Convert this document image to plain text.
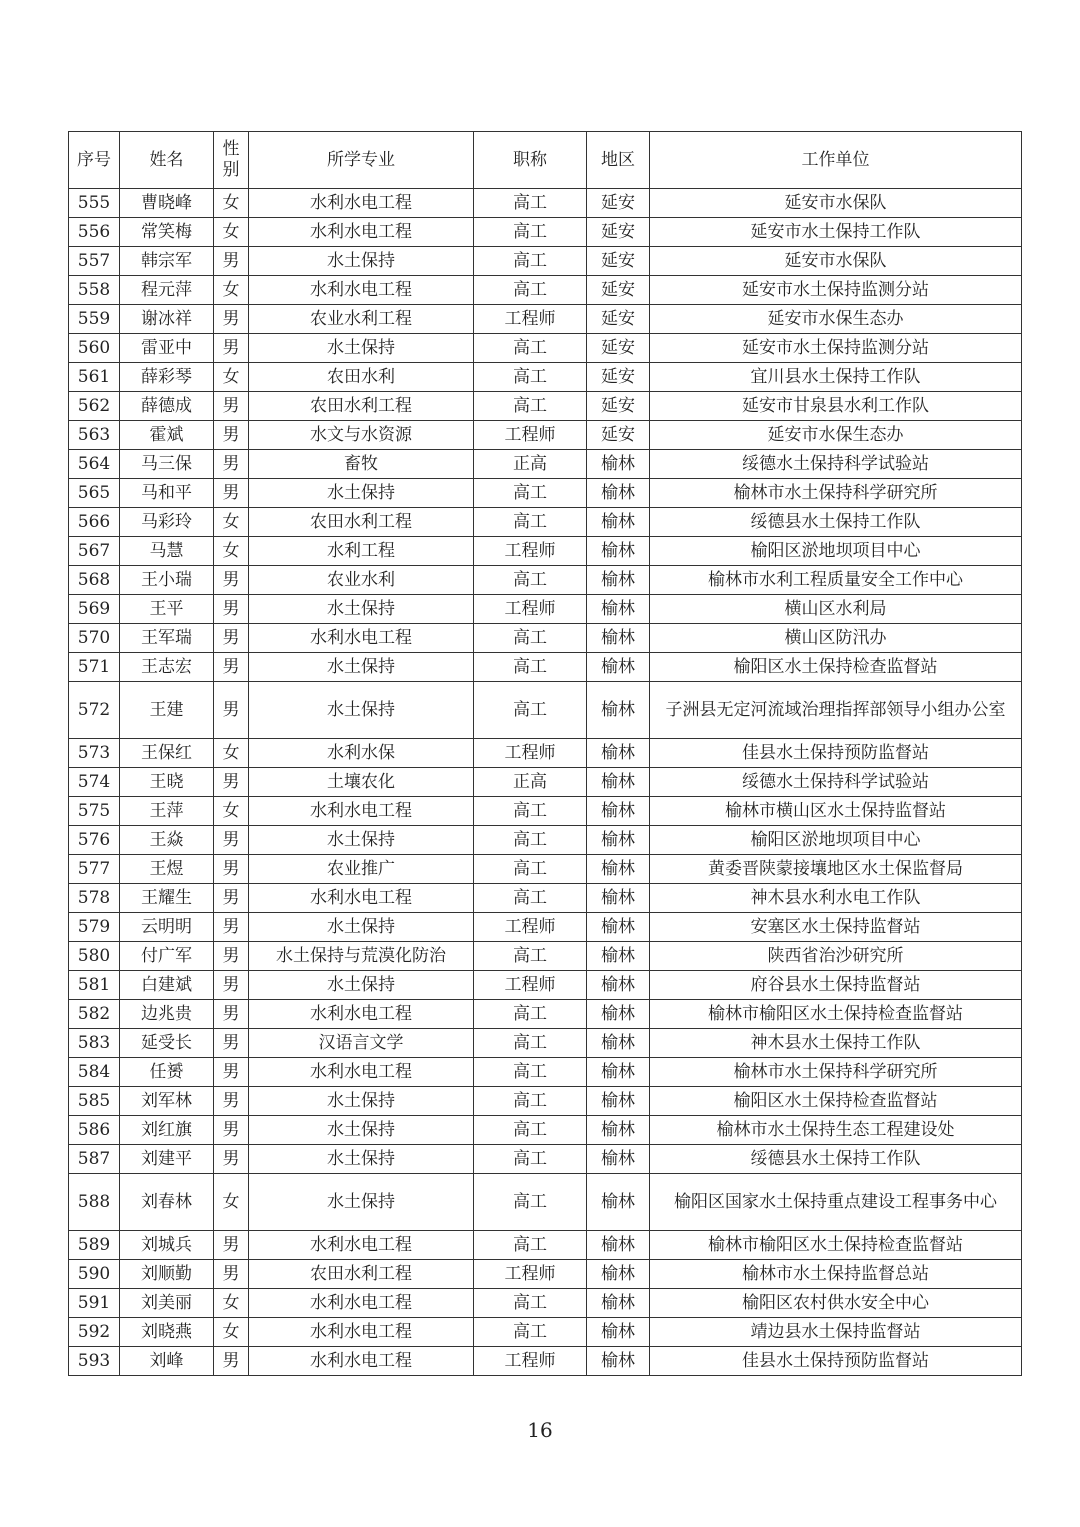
序号	姓名	性别	所学专业	职称	地区	工作单位
555	曹晓峰	女	水利水电工程	高工	延安	延安市水保队
556	常笑梅	女	水利水电工程	高工	延安	延安市水土保持工作队
557	韩宗军	男	水土保持	高工	延安	延安市水保队
558	程元萍	女	水利水电工程	高工	延安	延安市水土保持监测分站
559	谢冰祥	男	农业水利工程	工程师	延安	延安市水保生态办
560	雷亚中	男	水土保持	高工	延安	延安市水土保持监测分站
561	薛彩琴	女	农田水利	高工	延安	宜川县水土保持工作队
562	薛德成	男	农田水利工程	高工	延安	延安市甘泉县水利工作队
563	霍斌	男	水文与水资源	工程师	延安	延安市水保生态办
564	马三保	男	畜牧	正高	榆林	绥德水土保持科学试验站
565	马和平	男	水土保持	高工	榆林	榆林市水土保持科学研究所
566	马彩玲	女	农田水利工程	高工	榆林	绥德县水土保持工作队
567	马慧	女	水利工程	工程师	榆林	榆阳区淤地坝项目中心
568	王小瑞	男	农业水利	高工	榆林	榆林市水利工程质量安全工作中心
569	王平	男	水土保持	工程师	榆林	横山区水利局
570	王军瑞	男	水利水电工程	高工	榆林	横山区防汛办
571	王志宏	男	水土保持	高工	榆林	榆阳区水土保持检查监督站
572	王建	男	水土保持	高工	榆林	子洲县无定河流域治理指挥部领导小组办公室
573	王保红	女	水利水保	工程师	榆林	佳县水土保持预防监督站
574	王晓	男	土壤农化	正高	榆林	绥德水土保持科学试验站
575	王萍	女	水利水电工程	高工	榆林	榆林市横山区水土保持监督站
576	王焱	男	水土保持	高工	榆林	榆阳区淤地坝项目中心
577	王煜	男	农业推广	高工	榆林	黄委晋陕蒙接壤地区水土保监督局
578	王耀生	男	水利水电工程	高工	榆林	神木县水利水电工作队
579	云明明	男	水土保持	工程师	榆林	安塞区水土保持监督站
580	付广军	男	水土保持与荒漠化防治	高工	榆林	陕西省治沙研究所
581	白建斌	男	水土保持	工程师	榆林	府谷县水土保持监督站
582	边兆贵	男	水利水电工程	高工	榆林	榆林市榆阳区水土保持检查监督站
583	延受长	男	汉语言文学	高工	榆林	神木县水土保持工作队
584	任赟	男	水利水电工程	高工	榆林	榆林市水土保持科学研究所
585	刘军林	男	水土保持	高工	榆林	榆阳区水土保持检查监督站
586	刘红旗	男	水土保持	高工	榆林	榆林市水土保持生态工程建设处
587	刘建平	男	水土保持	高工	榆林	绥德县水土保持工作队
588	刘春林	女	水土保持	高工	榆林	榆阳区国家水土保持重点建设工程事务中心
589	刘城兵	男	水利水电工程	高工	榆林	榆林市榆阳区水土保持检查监督站
590	刘顺勤	男	农田水利工程	工程师	榆林	榆林市水土保持监督总站
591	刘美丽	女	水利水电工程	高工	榆林	榆阳区农村供水安全中心
592	刘晓燕	女	水利水电工程	高工	榆林	靖边县水土保持监督站
593	刘峰	男	水利水电工程	工程师	榆林	佳县水土保持预防监督站
16
